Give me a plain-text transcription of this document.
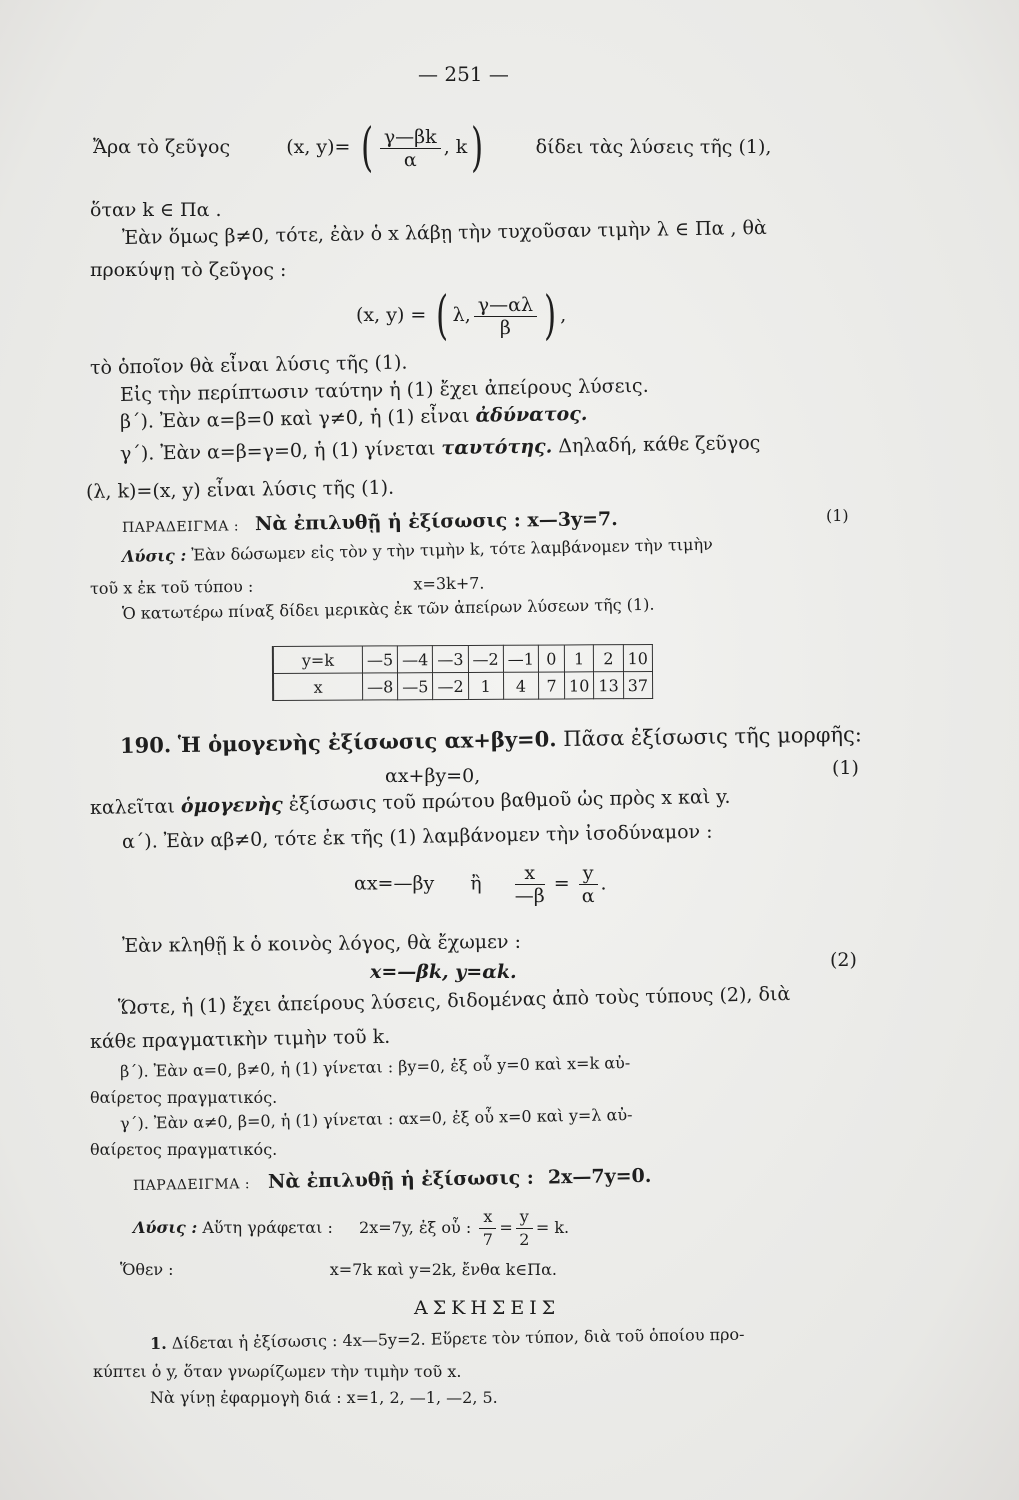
— 251 —
Ἄρα τὸ ζεῦγος	(x, y)= ( $\frac{\gamma—\beta k}{\alpha}$ , k)	δίδει τὰς λύσεις τῆς (1),
ὅταν k ∈ Πα .
Ἐὰν ὅμως β≠0, τότε, ἐὰν ὁ x λάβῃ τὴν τυχοῦσαν τιμὴν λ ∈ Πα , θὰ
προκύψῃ τὸ ζεῦγος :
(x, y) = ( λ, $\frac{\gamma—\alpha\lambda}{\beta}$ ) ,
τὸ ὁποῖον θὰ εἶναι λύσις τῆς (1).
Εἰς τὴν περίπτωσιν ταύτην ἡ (1) ἔχει ἀπείρους λύσεις.
β΄). Ἐὰν α=β=0 καὶ γ≠0, ἡ (1) εἶναι ἀδύνατος.
γ΄). Ἐὰν α=β=γ=0, ἡ (1) γίνεται ταυτότης. Δηλαδή, κάθε ζεῦγος
(λ, k)=(x, y) εἶναι λύσις τῆς (1).
ΠΑΡΑΔΕΙΓΜΑ : Νὰ ἐπιλυθῇ ἡ ἐξίσωσις : x—3y=7.	(1)
Λύσις : Ἐὰν δώσωμεν εἰς τὸν y τὴν τιμὴν k, τότε λαμβάνομεν τὴν τιμὴν
τοῦ x ἐκ τοῦ τύπου :	x=3k+7.
Ὁ κατωτέρω πίναξ δίδει μερικὰς ἐκ τῶν ἀπείρων λύσεων τῆς (1).
y=k	—5	—4	—3	—2	—1	0	1	2	10
x	—8	—5	—2	1	4	7	10	13	37
190. Ἡ ὁμογενὴς ἐξίσωσις αx+βy=0. Πᾶσα ἐξίσωσις τῆς μορφῆς:
αx+βy=0,	(1)
καλεῖται ὁμογενὴς ἐξίσωσις τοῦ πρώτου βαθμοῦ ὡς πρὸς x καὶ y.
α΄). Ἐὰν αβ≠0, τότε ἐκ τῆς (1) λαμβάνομεν τὴν ἰσοδύναμον :
αx=—βy ἢ $\frac{x}{—\beta} = \frac{y}{\alpha}$ .
Ἐὰν κληθῇ k ὁ κοινὸς λόγος, θὰ ἔχωμεν :
x=—βk, y=αk.
(2)
Ὥστε, ἡ (1) ἔχει ἀπείρους λύσεις, διδομένας ἀπὸ τοὺς τύπους (2), διὰ
κάθε πραγματικὴν τιμὴν τοῦ k.
β΄). Ἐὰν α=0, β≠0, ἡ (1) γίνεται : βy=0, ἐξ οὗ y=0 καὶ x=k αὐ-
θαίρετος πραγματικός.
γ΄). Ἐὰν α≠0, β=0, ἡ (1) γίνεται : αx=0, ἐξ οὗ x=0 καὶ y=λ αὐ-
θαίρετος πραγματικός.
ΠΑΡΑΔΕΙΓΜΑ : Νὰ ἐπιλυθῇ ἡ ἐξίσωσις : 2x—7y=0.
Λύσις : Αὕτη γράφεται : 2x=7y, ἐξ οὗ : $\frac{x}{7} = \frac{y}{2} = k$.
Ὅθεν :	x=7k καὶ y=2k, ἔνθα k∈Πα.
ΑΣΚΗΣΕΙΣ
1. Δίδεται ἡ ἐξίσωσις : 4x—5y=2. Εὕρετε τὸν τύπον, διὰ τοῦ ὁποίου προ-
κύπτει ὁ y, ὅταν γνωρίζωμεν τὴν τιμὴν τοῦ x.
Νὰ γίνῃ ἐφαρμογὴ διά : x=1, 2, —1, —2, 5.
